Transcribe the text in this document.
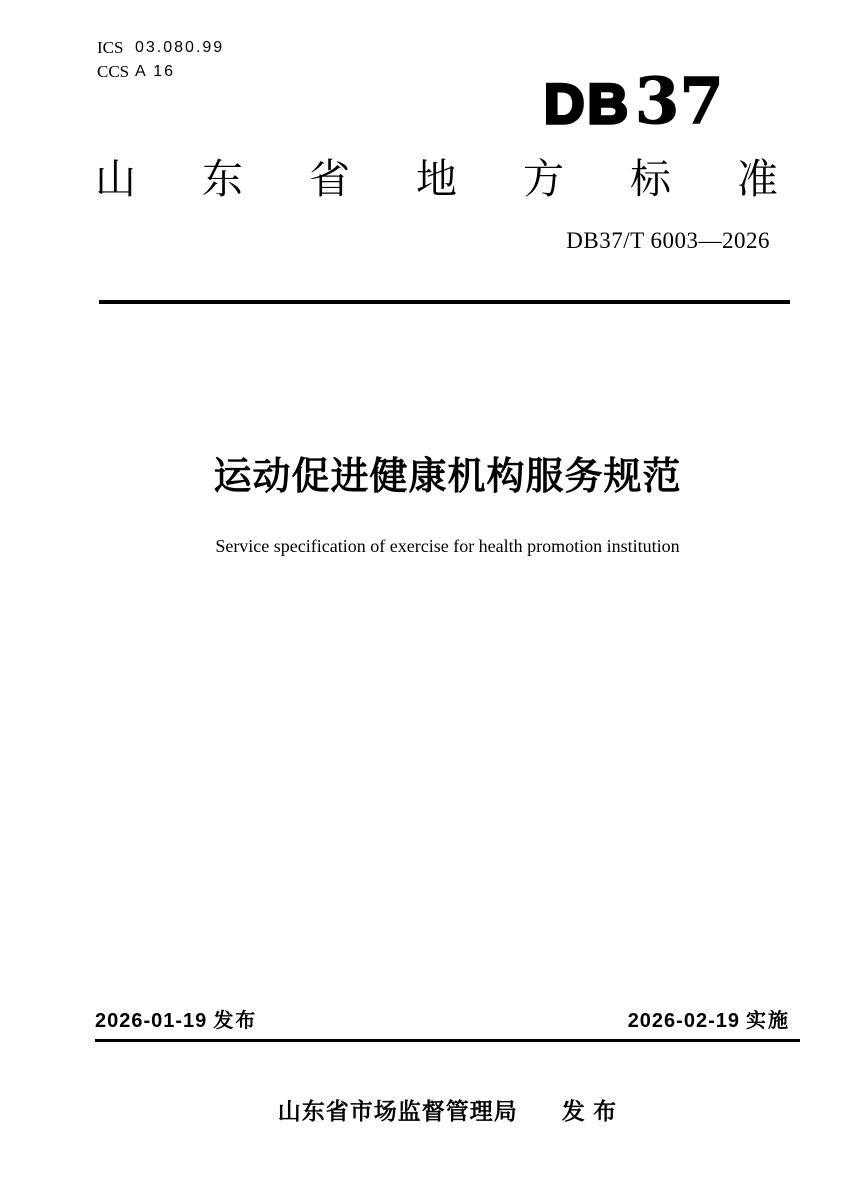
ICS 03.080.99
CCS A 16
DB 37
山东省地方标准
DB37/T 6003—2026
运动促进健康机构服务规范
Service specification of exercise for health promotion institution
2026-01-19 发布	2026-02-19 实施
山东省市场监督管理局 发 布
